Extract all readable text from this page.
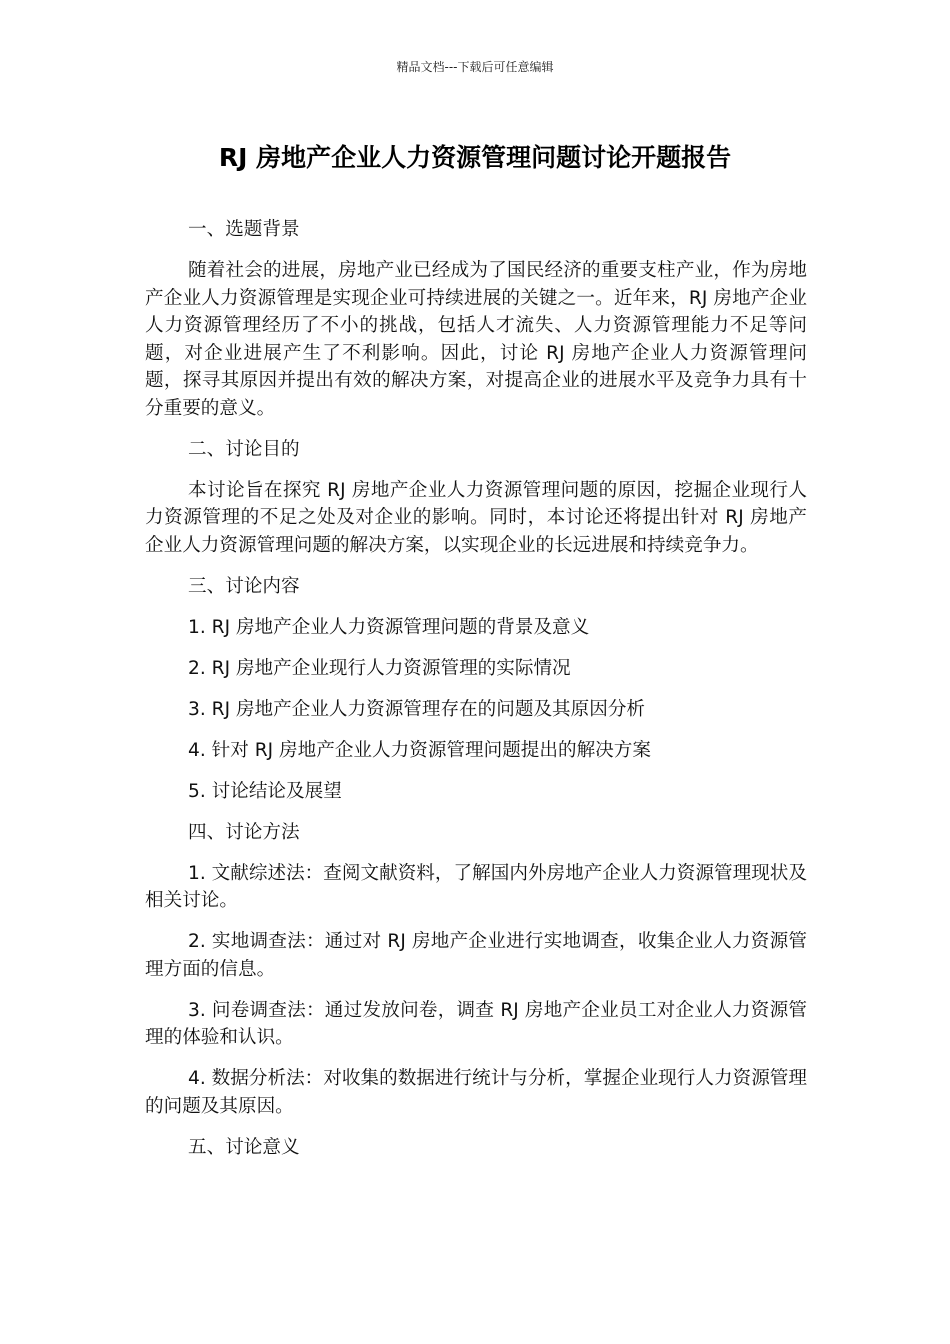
精品文档---下载后可任意编辑
RJ 房地产企业人力资源管理问题讨论开题报告

一、选题背景

随着社会的进展，房地产业已经成为了国民经济的重要支柱产业，作为房地产企业人力资源管理是实现企业可持续进展的关键之一。近年来，RJ 房地产企业人力资源管理经历了不小的挑战，包括人才流失、人力资源管理能力不足等问题，对企业进展产生了不利影响。因此，讨论 RJ 房地产企业人力资源管理问题，探寻其原因并提出有效的解决方案，对提高企业的进展水平及竞争力具有十分重要的意义。

二、讨论目的

本讨论旨在探究 RJ 房地产企业人力资源管理问题的原因，挖掘企业现行人力资源管理的不足之处及对企业的影响。同时，本讨论还将提出针对 RJ 房地产企业人力资源管理问题的解决方案，以实现企业的长远进展和持续竞争力。

三、讨论内容

1. RJ 房地产企业人力资源管理问题的背景及意义

2. RJ 房地产企业现行人力资源管理的实际情况

3. RJ 房地产企业人力资源管理存在的问题及其原因分析

4. 针对 RJ 房地产企业人力资源管理问题提出的解决方案

5. 讨论结论及展望

四、讨论方法

1. 文献综述法：查阅文献资料，了解国内外房地产企业人力资源管理现状及相关讨论。

2. 实地调查法：通过对 RJ 房地产企业进行实地调查，收集企业人力资源管理方面的信息。

3. 问卷调查法：通过发放问卷，调查 RJ 房地产企业员工对企业人力资源管理的体验和认识。

4. 数据分析法：对收集的数据进行统计与分析，掌握企业现行人力资源管理的问题及其原因。

五、讨论意义
